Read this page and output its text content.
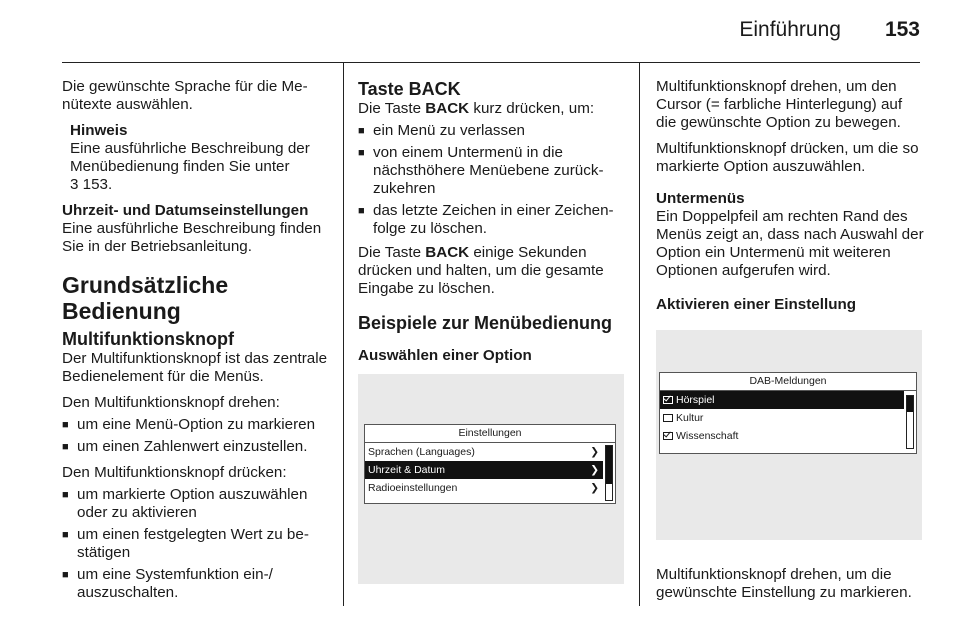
Einführung 153

Die gewünschte Sprache für die Menütexte auswählen.

Hinweis
Eine ausführliche Beschreibung der Menübedienung finden Sie unter

3 153.

Uhrzeit- und Datumseinstellungen

Eine ausführliche Beschreibung finden Sie in der Betriebsanleitung.

Grundsätzliche Bedienung
Multifunktionsknopf

Der Multifunktionsknopf ist das zentrale Bedienelement für die Menüs.

Den Multifunktionsknopf drehen:

■ um eine Menü-Option zu markieren
■ um einen Zahlenwert einzustellen.

Den Multifunktionsknopf drücken:

■ um markierte Option auszuwählen oder zu aktivieren
■ um einen festgelegten Wert zu bestätigen
■ um eine Systemfunktion ein-/ auszuschalten.
Taste BACK

Die Taste BACK kurz drücken, um:

■ ein Menü zu verlassen
■ von einem Untermenü in die nächsthöhere Menüebene zurückzukehren
■ das letzte Zeichen in einer Zeichenfolge zu löschen.

Die Taste BACK einige Sekunden drücken und halten, um die gesamte Eingabe zu löschen.

Beispiele zur Menübedienung
Auswählen einer Option
Einstellungen
Sprachen (Languages)	❯
Uhrzeit & Datum	❯
Radioeinstellungen	❯

Multifunktionsknopf drehen, um den Cursor (= farbliche Hinterlegung) auf die gewünschte Option zu bewegen.

Multifunktionsknopf drücken, um die so markierte Option auszuwählen.

Untermenüs

Ein Doppelpfeil am rechten Rand des Menüs zeigt an, dass nach Auswahl der Option ein Untermenü mit weiteren Optionen aufgerufen wird.

Aktivieren einer Einstellung
DAB-Meldungen
Hörspiel
Kultur
Wissenschaft

Multifunktionsknopf drehen, um die gewünschte Einstellung zu markieren.
